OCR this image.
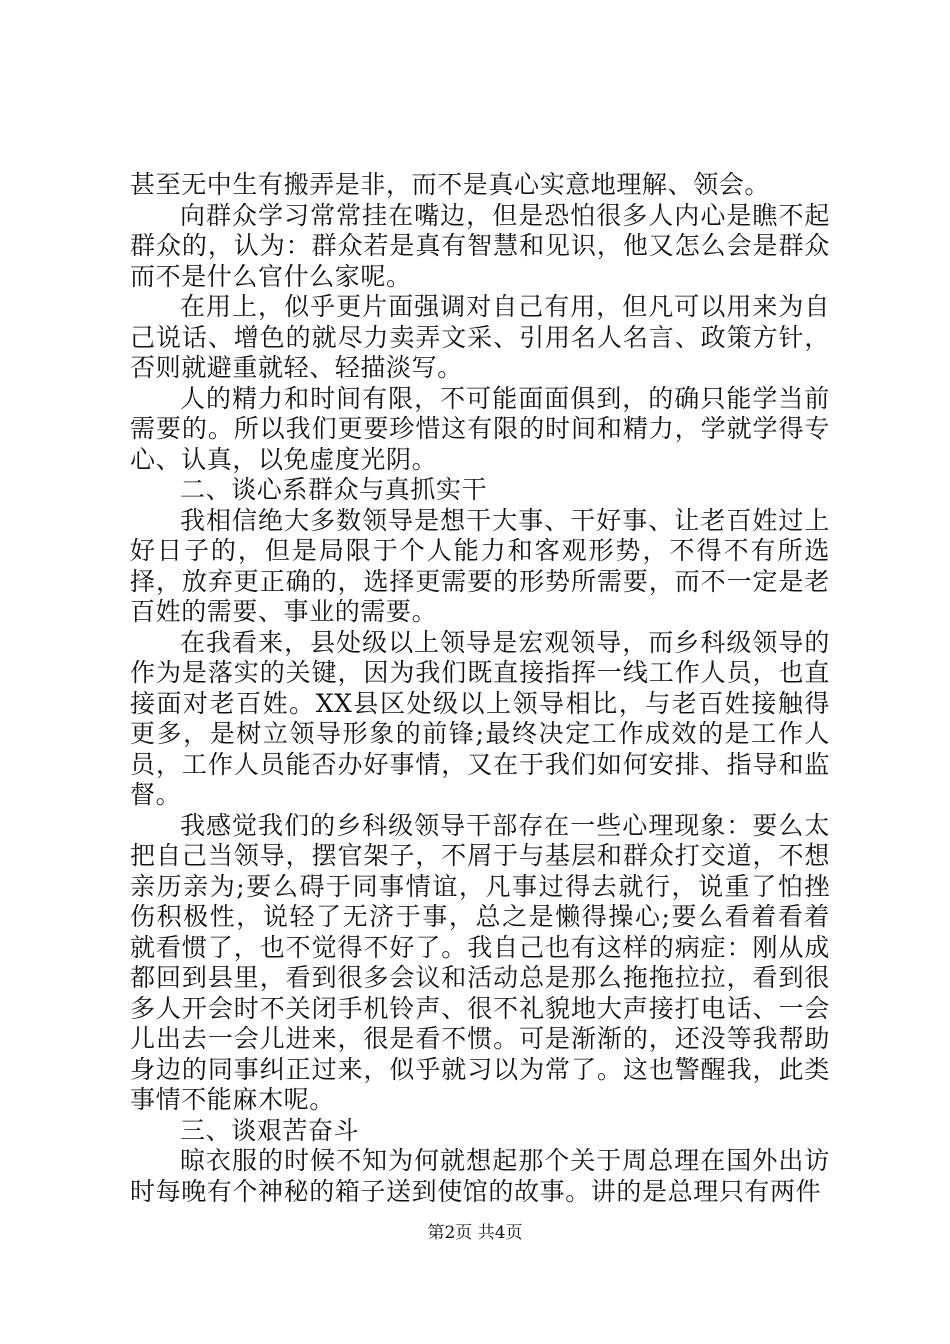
甚至无中生有搬弄是非，而不是真心实意地理解、领会。

向群众学习常常挂在嘴边，但是恐怕很多人内心是瞧不起群众的，认为：群众若是真有智慧和见识，他又怎么会是群众而不是什么官什么家呢。

在用上，似乎更片面强调对自己有用，但凡可以用来为自己说话、增色的就尽力卖弄文采、引用名人名言、政策方针，否则就避重就轻、轻描淡写。

人的精力和时间有限，不可能面面俱到，的确只能学当前需要的。所以我们更要珍惜这有限的时间和精力，学就学得专心、认真，以免虚度光阴。

二、谈心系群众与真抓实干

我相信绝大多数领导是想干大事、干好事、让老百姓过上好日子的，但是局限于个人能力和客观形势，不得不有所选择，放弃更正确的，选择更需要的形势所需要，而不一定是老百姓的需要、事业的需要。

在我看来，县处级以上领导是宏观领导，而乡科级领导的作为是落实的关键，因为我们既直接指挥一线工作人员，也直接面对老百姓。XX县区处级以上领导相比，与老百姓接触得更多，是树立领导形象的前锋;最终决定工作成效的是工作人员，工作人员能否办好事情，又在于我们如何安排、指导和监督。

我感觉我们的乡科级领导干部存在一些心理现象：要么太把自己当领导，摆官架子，不屑于与基层和群众打交道，不想亲历亲为;要么碍于同事情谊，凡事过得去就行，说重了怕挫伤积极性，说轻了无济于事，总之是懒得操心;要么看着看着就看惯了，也不觉得不好了。我自己也有这样的病症：刚从成都回到县里，看到很多会议和活动总是那么拖拖拉拉，看到很多人开会时不关闭手机铃声、很不礼貌地大声接打电话、一会儿出去一会儿进来，很是看不惯。可是渐渐的，还没等我帮助身边的同事纠正过来，似乎就习以为常了。这也警醒我，此类事情不能麻木呢。

三、谈艰苦奋斗

晾衣服的时候不知为何就想起那个关于周总理在国外出访时每晚有个神秘的箱子送到使馆的故事。讲的是总理只有两件

第2页 共4页
